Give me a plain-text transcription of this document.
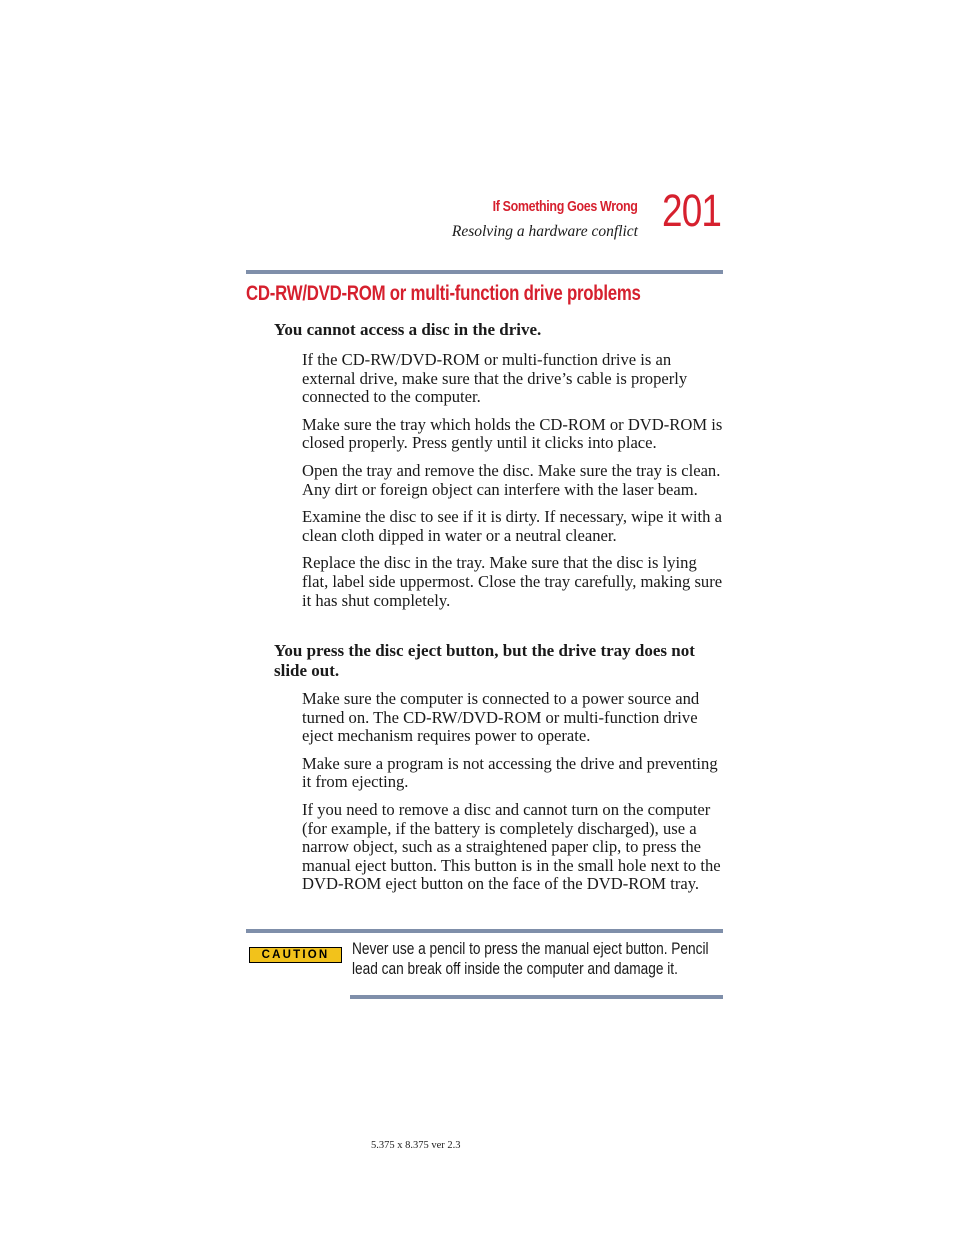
If Something Goes Wrong
Resolving a hardware conflict 201
CD-RW/DVD-ROM or multi-function drive problems
You cannot access a disc in the drive.

If the CD-RW/DVD-ROM or multi-function drive is an external drive, make sure that the drive’s cable is properly connected to the computer.

Make sure the tray which holds the CD-ROM or DVD-ROM is closed properly. Press gently until it clicks into place.

Open the tray and remove the disc. Make sure the tray is clean. Any dirt or foreign object can interfere with the laser beam.

Examine the disc to see if it is dirty. If necessary, wipe it with a clean cloth dipped in water or a neutral cleaner.

Replace the disc in the tray. Make sure that the disc is lying flat, label side uppermost. Close the tray carefully, making sure it has shut completely.

You press the disc eject button, but the drive tray does not slide out.

Make sure the computer is connected to a power source and turned on. The CD-RW/DVD-ROM or multi-function drive eject mechanism requires power to operate.

Make sure a program is not accessing the drive and preventing it from ejecting.

If you need to remove a disc and cannot turn on the computer (for example, if the battery is completely discharged), use a narrow object, such as a straightened paper clip, to press the manual eject button. This button is in the small hole next to the DVD-ROM eject button on the face of the DVD-ROM tray.

CAUTION	Never use a pencil to press the manual eject button. Pencil lead can break off inside the computer and damage it.
5.375 x 8.375 ver 2.3
